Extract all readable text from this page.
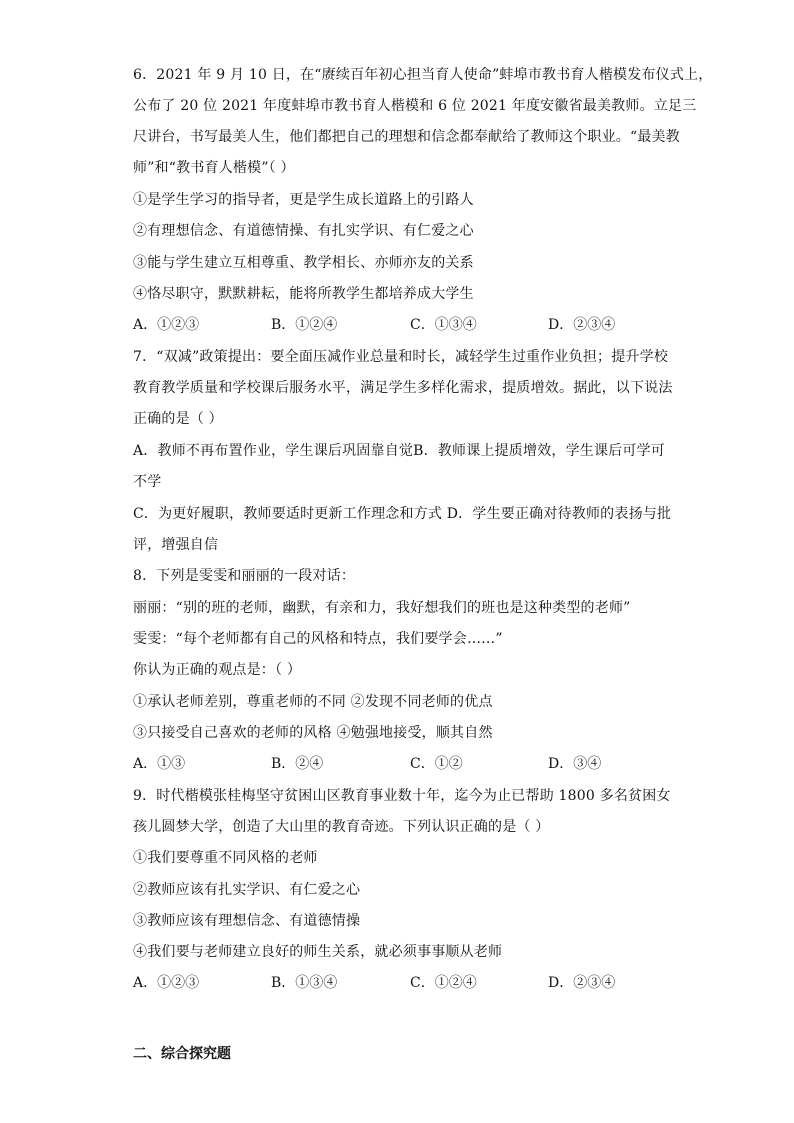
6．2021 年 9 月 10 日，在“赓续百年初心担当育人使命”蚌埠市教书育人楷模发布仪式上，
公布了 20 位 2021 年度蚌埠市教书育人楷模和 6 位 2021 年度安徽省最美教师。立足三
尺讲台，书写最美人生，他们都把自己的理想和信念都奉献给了教师这个职业。“最美教
师”和“教书育人楷模”（ ）
①是学生学习的指导者，更是学生成长道路上的引路人
②有理想信念、有道德情操、有扎实学识、有仁爱之心
③能与学生建立互相尊重、教学相长、亦师亦友的关系
④恪尽职守，默默耕耘，能将所教学生都培养成大学生
A．①②③	B．①②④	C．①③④	D．②③④
7．“双减”政策提出：要全面压减作业总量和时长，减轻学生过重作业负担；提升学校
教育教学质量和学校课后服务水平，满足学生多样化需求，提质增效。据此，以下说法
正确的是（ ）
A．教师不再布置作业，学生课后巩固靠自觉B．教师课上提质增效，学生课后可学可
不学
C．为更好履职，教师要适时更新工作理念和方式 D．学生要正确对待教师的表扬与批
评，增强自信
8．下列是雯雯和丽丽的一段对话：
丽丽：“别的班的老师，幽默，有亲和力，我好想我们的班也是这种类型的老师”
雯雯：“每个老师都有自己的风格和特点，我们要学会……”
你认为正确的观点是：（ ）
①承认老师差别，尊重老师的不同 ②发现不同老师的优点
③只接受自己喜欢的老师的风格 ④勉强地接受，顺其自然
A．①③	B．②④	C．①②	D．③④
9．时代楷模张桂梅坚守贫困山区教育事业数十年，迄今为止已帮助 1800 多名贫困女
孩儿圆梦大学，创造了大山里的教育奇迹。下列认识正确的是（ ）
①我们要尊重不同风格的老师
②教师应该有扎实学识、有仁爱之心
③教师应该有理想信念、有道德情操
④我们要与老师建立良好的师生关系，就必须事事顺从老师
A．①②③	B．①③④	C．①②④	D．②③④
二、综合探究题
